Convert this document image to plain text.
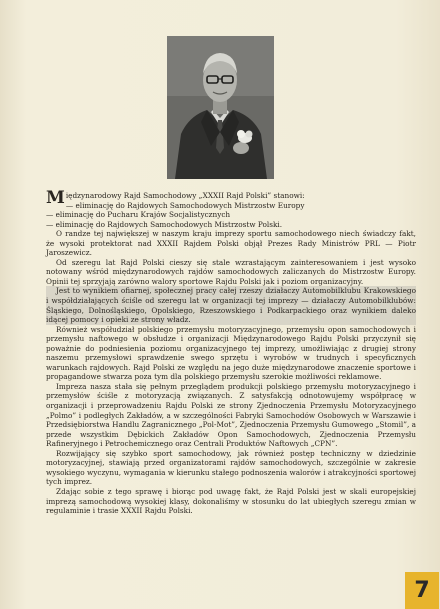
Międzynarodowy Rajd Samochodowy „XXXII Rajd Polski” stanowi:

— eliminację do Rajdowych Samochodowych Mistrzostw Europy
— eliminację do Pucharu Krajów Socjalistycznych
— eliminację do Rajdowych Samochodowych Mistrzostw Polski.

O randze tej największej w naszym kraju imprezy sportu samochodowego niech świadczy fakt, że wysoki protektorat nad XXXII Rajdem Polski objął Prezes Rady Ministrów PRL — Piotr Jaroszewicz.

Od szeregu lat Rajd Polski cieszy się stale wzrastającym zainteresowaniem i jest wysoko notowany wśród międzynarodowych rajdów samochodowych zaliczanych do Mistrzostw Europy. Opinii tej sprzyjają zarówno walory sportowe Rajdu Polski jak i poziom organizacyjny.

Jest to wynikiem ofiarnej, społecznej pracy całej rzeszy działaczy Automobilklubu Krakowskiego i współdziałających ściśle od szeregu lat w organizacji tej imprezy — działaczy Automobilklubów: Śląskiego, Dolnośląskiego, Opolskiego, Rzeszowskiego i Podkarpackiego oraz wynikiem daleko idącej pomocy i opieki ze strony władz.

Również współudział polskiego przemysłu motoryzacyjnego, przemysłu opon samochodowych i przemysłu naftowego w obsłudze i organizacji Międzynarodowego Rajdu Polski przyczynił się poważnie do podniesienia poziomu organizacyjnego tej imprezy, umożliwiając z drugiej strony naszemu przemysłowi sprawdzenie swego sprzętu i wyrobów w trudnych i specyficznych warunkach rajdowych. Rajd Polski ze względu na jego duże międzynarodowe znaczenie sportowe i propagandowe stwarza poza tym dla polskiego przemysłu szerokie możliwości reklamowe.

Impreza nasza stała się pełnym przeglądem produkcji polskiego przemysłu motoryzacyjnego i przemysłów ściśle z motoryzacją związanych. Z satysfakcją odnotowujemy współpracę w organizacji i przeprowadzeniu Rajdu Polski ze strony Zjednoczenia Przemysłu Motoryzacyjnego „Polmo” i podległych Zakładów, a w szczególności Fabryki Samochodów Osobowych w Warszawie i Przedsiębiorstwa Handlu Zagranicznego „Pol-Mot”, Zjednoczenia Przemysłu Gumowego „Stomil”, a przede wszystkim Dębickich Zakładów Opon Samochodowych, Zjednoczenia Przemysłu Rafineryjnego i Petrochemicznego oraz Centrali Produktów Naftowych „CPN”.

Rozwijający się szybko sport samochodowy, jak również postęp techniczny w dziedzinie motoryzacyjnej, stawiają przed organizatorami rajdów samochodowych, szczególnie w zakresie wysokiego wyczynu, wymagania w kierunku stałego podnoszenia walorów i atrakcyjności sportowej tych imprez.

Zdając sobie z tego sprawę i biorąc pod uwagę fakt, że Rajd Polski jest w skali europejskiej imprezą samochodową wysokiej klasy, dokonaliśmy w stosunku do lat ubiegłych szeregu zmian w regulaminie i trasie XXXII Rajdu Polski.

7
